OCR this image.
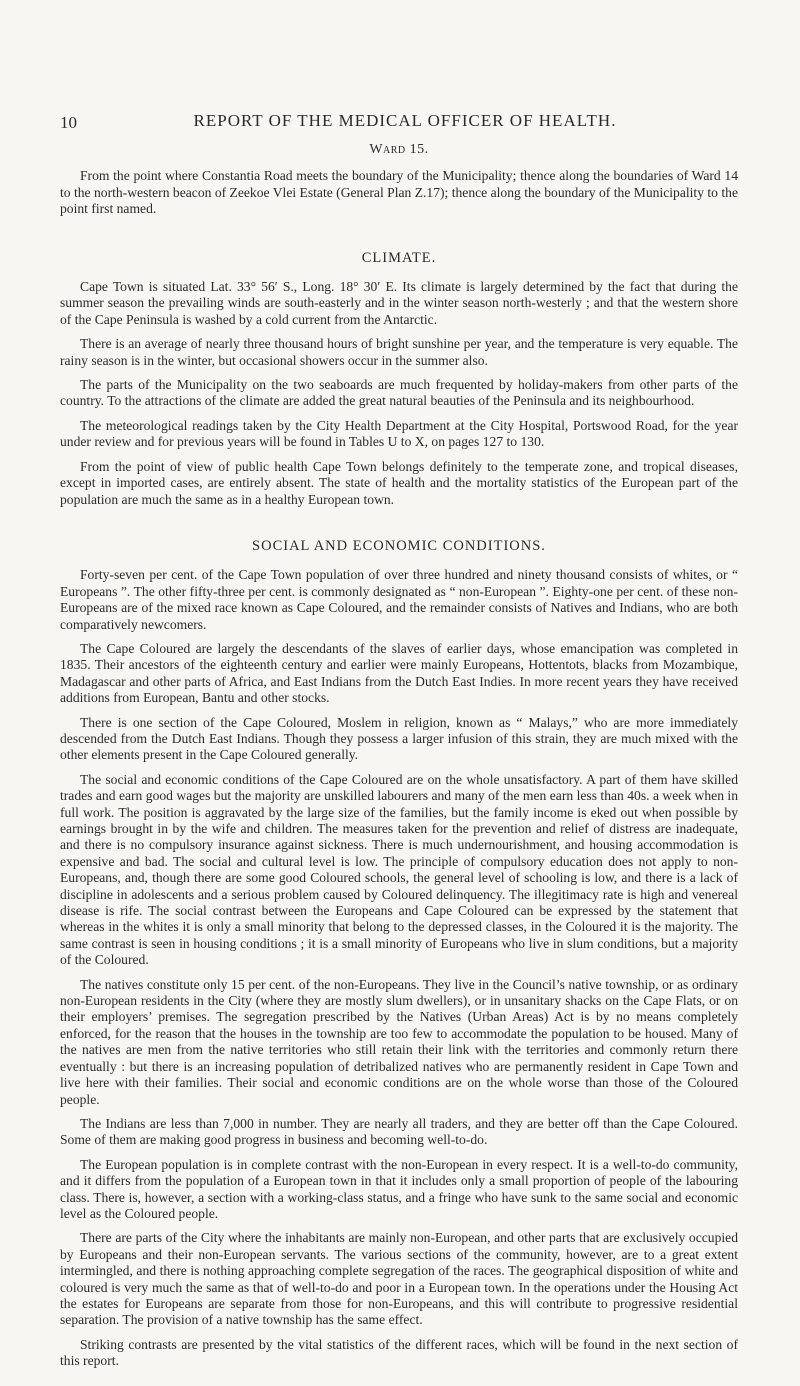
10	REPORT OF THE MEDICAL OFFICER OF HEALTH.
Ward 15.

From the point where Constantia Road meets the boundary of the Municipality; thence along the boundaries of Ward 14 to the north-western beacon of Zeekoe Vlei Estate (General Plan Z.17); thence along the boundary of the Municipality to the point first named.

CLIMATE.

Cape Town is situated Lat. 33° 56′ S., Long. 18° 30′ E. Its climate is largely determined by the fact that during the summer season the prevailing winds are south-easterly and in the winter season north-westerly ; and that the western shore of the Cape Peninsula is washed by a cold current from the Antarctic.

There is an average of nearly three thousand hours of bright sunshine per year, and the temperature is very equable. The rainy season is in the winter, but occasional showers occur in the summer also.

The parts of the Municipality on the two seaboards are much frequented by holiday-makers from other parts of the country. To the attractions of the climate are added the great natural beauties of the Peninsula and its neighbourhood.

The meteorological readings taken by the City Health Department at the City Hospital, Portswood Road, for the year under review and for previous years will be found in Tables U to X, on pages 127 to 130.

From the point of view of public health Cape Town belongs definitely to the temperate zone, and tropical diseases, except in imported cases, are entirely absent. The state of health and the mortality statistics of the European part of the population are much the same as in a healthy European town.

SOCIAL AND ECONOMIC CONDITIONS.

Forty-seven per cent. of the Cape Town population of over three hundred and ninety thousand consists of whites, or “ Europeans ”. The other fifty-three per cent. is commonly designated as “ non-European ”. Eighty-one per cent. of these non-Europeans are of the mixed race known as Cape Coloured, and the remainder consists of Natives and Indians, who are both comparatively newcomers.

The Cape Coloured are largely the descendants of the slaves of earlier days, whose emancipation was completed in 1835. Their ancestors of the eighteenth century and earlier were mainly Europeans, Hottentots, blacks from Mozambique, Madagascar and other parts of Africa, and East Indians from the Dutch East Indies. In more recent years they have received additions from European, Bantu and other stocks.

There is one section of the Cape Coloured, Moslem in religion, known as “ Malays,” who are more immediately descended from the Dutch East Indians. Though they possess a larger infusion of this strain, they are much mixed with the other elements present in the Cape Coloured generally.

The social and economic conditions of the Cape Coloured are on the whole unsatisfactory. A part of them have skilled trades and earn good wages but the majority are unskilled labourers and many of the men earn less than 40s. a week when in full work. The position is aggravated by the large size of the families, but the family income is eked out when possible by earnings brought in by the wife and children. The measures taken for the prevention and relief of distress are inadequate, and there is no compulsory insurance against sickness. There is much undernourishment, and housing accommodation is expensive and bad. The social and cultural level is low. The principle of compulsory education does not apply to non-Europeans, and, though there are some good Coloured schools, the general level of schooling is low, and there is a lack of discipline in adolescents and a serious problem caused by Coloured delinquency. The illegitimacy rate is high and venereal disease is rife. The social contrast between the Europeans and Cape Coloured can be expressed by the statement that whereas in the whites it is only a small minority that belong to the depressed classes, in the Coloured it is the majority. The same contrast is seen in housing conditions ; it is a small minority of Europeans who live in slum conditions, but a majority of the Coloured.

The natives constitute only 15 per cent. of the non-Europeans. They live in the Council’s native township, or as ordinary non-European residents in the City (where they are mostly slum dwellers), or in unsanitary shacks on the Cape Flats, or on their employers’ premises. The segregation prescribed by the Natives (Urban Areas) Act is by no means completely enforced, for the reason that the houses in the township are too few to accommodate the population to be housed. Many of the natives are men from the native territories who still retain their link with the territories and commonly return there eventually : but there is an increasing population of detribalized natives who are permanently resident in Cape Town and live here with their families. Their social and economic conditions are on the whole worse than those of the Coloured people.

The Indians are less than 7,000 in number. They are nearly all traders, and they are better off than the Cape Coloured. Some of them are making good progress in business and becoming well-to-do.

The European population is in complete contrast with the non-European in every respect. It is a well-to-do community, and it differs from the population of a European town in that it includes only a small proportion of people of the labouring class. There is, however, a section with a working-class status, and a fringe who have sunk to the same social and economic level as the Coloured people.

There are parts of the City where the inhabitants are mainly non-European, and other parts that are exclusively occupied by Europeans and their non-European servants. The various sections of the community, however, are to a great extent intermingled, and there is nothing approaching complete segregation of the races. The geographical disposition of white and coloured is very much the same as that of well-to-do and poor in a European town. In the operations under the Housing Act the estates for Europeans are separate from those for non-Europeans, and this will contribute to progressive residential separation. The provision of a native township has the same effect.

Striking contrasts are presented by the vital statistics of the different races, which will be found in the next section of this report.
